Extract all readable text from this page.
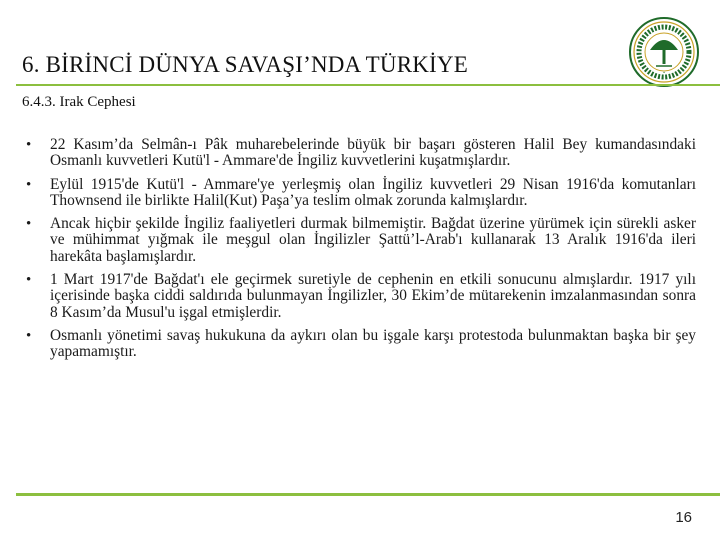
6. BİRİNCİ DÜNYA SAVAŞI’NDA TÜRKİYE	•
6.4.3. Irak Cephesi
• 22 Kasım’da Selmân-ı Pâk muharebelerinde büyük bir başarı gösteren Halil Bey kumandasındaki Osmanlı kuvvetleri Kutü'l - Ammare'de İngiliz kuvvetlerini kuşatmışlardır.
• Eylül 1915'de Kutü'l - Ammare'ye yerleşmiş olan İngiliz kuvvetleri 29 Nisan 1916'da komutanları Thownsend ile birlikte Halil(Kut) Paşa’ya teslim olmak zorunda kalmışlardır.
• Ancak hiçbir şekilde İngiliz faaliyetleri durmak bilmemiştir. Bağdat üzerine yürümek için sürekli asker ve mühimmat yığmak ile meşgul olan İngilizler Şattü’l-Arab'ı kullanarak 13 Aralık 1916'da ileri harekâta başlamışlardır.
• 1 Mart 1917'de Bağdat'ı ele geçirmek suretiyle de cephenin en etkili sonucunu almışlardır. 1917 yılı içerisinde başka ciddi saldırıda bulunmayan İngilizler, 30 Ekim’de mütarekenin imzalanmasından sonra 8 Kasım’da Musul'u işgal etmişlerdir.
• Osmanlı yönetimi savaş hukukuna da aykırı olan bu işgale karşı protestoda bulunmaktan başka bir şey yapamamıştır.
16
